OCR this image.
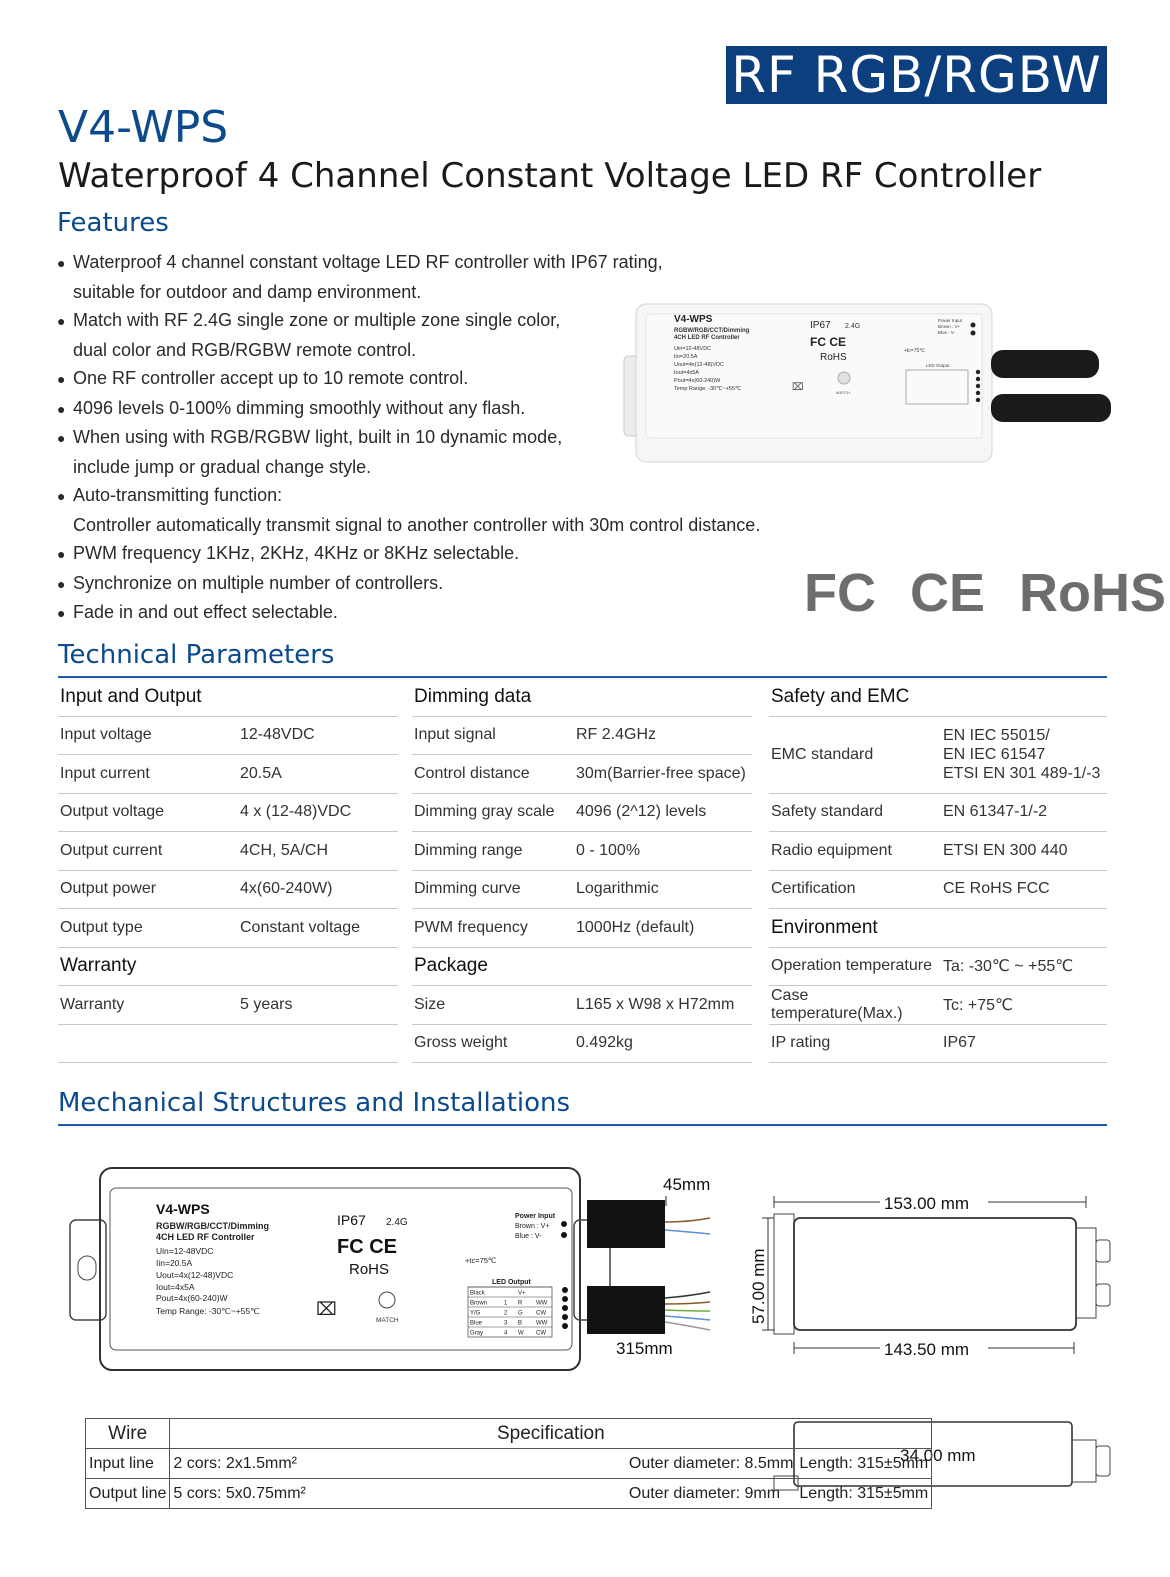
RF RGB/RGBW
V4-WPS
Waterproof 4 Channel Constant Voltage LED RF Controller
Features
● Waterproof 4 channel constant voltage LED RF controller with IP67 rating,
suitable for outdoor and damp environment.
● Match with RF 2.4G single zone or multiple zone single color,
dual color and RGB/RGBW remote control.
● One RF controller accept up to 10 remote control.
● 4096 levels 0-100% dimming smoothly without any flash.
● When using with RGB/RGBW light, built in 10 dynamic mode,
include jump or gradual change style.
● Auto-transmitting function:
Controller automatically transmit signal to another controller with 30m control distance.
● PWM frequency 1KHz, 2KHz, 4KHz or 8KHz selectable.
● Synchronize on multiple number of controllers.
● Fade in and out effect selectable.
V4-WPS
RGBW/RGB/CCT/Dimming
4CH LED RF Controller
Uin=12-48VDC
Iin=20.5A
Uout=4x(12-48)VDC
Iout=4x5A
Pout=4x(60-240)W
Temp Range: -30℃~+55℃
IP67 2.4G
FC CE
RoHS
MATCH
⌧
+tc=75℃
Power Input
Brown : V+
Blue : V-
LED Output
FC CE RoHS
Technical Parameters
Input and Output	
Input voltage	12-48VDC
Input current	20.5A
Output voltage	4 x (12-48)VDC
Output current	4CH, 5A/CH
Output power	4x(60-240W)
Output type	Constant voltage
Warranty	
Warranty	5 years

Dimming data	
Input signal	RF 2.4GHz
Control distance	30m(Barrier-free space)
Dimming gray scale	4096 (2^12) levels
Dimming range	0 - 100%
Dimming curve	Logarithmic
PWM frequency	1000Hz (default)
Package	
Size	L165 x W98 x H72mm
Gross weight	0.492kg
Safety and EMC	
EMC standard	EN IEC 55015/
EN IEC 61547
ETSI EN 301 489-1/-3

Safety standard	EN 61347-1/-2
Radio equipment	ETSI EN 300 440
Certification	CE RoHS FCC
Environment	
Operation temperature	Ta: -30℃ ~ +55℃
Case temperature(Max.)	Tc: +75℃
IP rating	IP67
Mechanical Structures and Installations
45mm
315mm
V4-WPS
RGBW/RGB/CCT/Dimming
4CH LED RF Controller
Uin=12-48VDC
Iin=20.5A
Uout=4x(12-48)VDC
Iout=4x5A
Pout=4x(60-240)W
Temp Range: -30℃~+55℃
IP67 2.4G
FC CE
RoHS
⌧
MATCH
+tc=75℃
Power Input
Brown : V+
Blue : V-
LED Output
Black	V+
Brown	1 R WW
Y/G	2 G CW
Blue	3 B WW
Gray	4 W CW
153.00 mm
143.50 mm
57.00 mm
34.00 mm
Wire	Specification		
Input line	2 cors: 2x1.5mm²	Outer diameter: 8.5mm	Length: 315±5mm
Output line	5 cors: 5x0.75mm²	Outer diameter: 9mm	Length: 315±5mm
